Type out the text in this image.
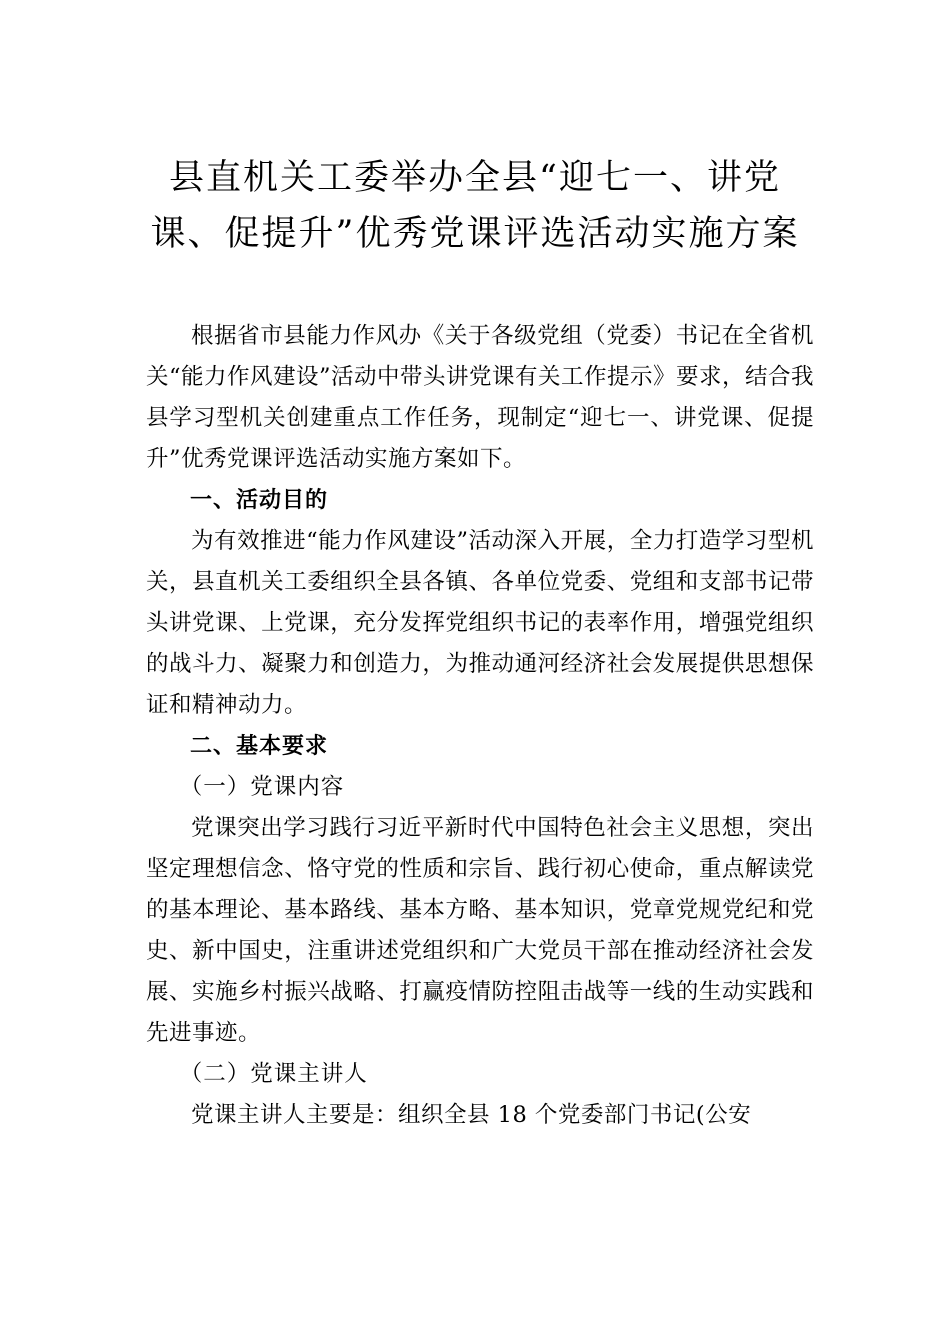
县直机关工委举办全县“迎七一、讲党
课、促提升”优秀党课评选活动实施方案

根据省市县能力作风办《关于各级党组（党委）书记在全省机关“能力作风建设”活动中带头讲党课有关工作提示》要求，结合我县学习型机关创建重点工作任务，现制定“迎七一、讲党课、促提升”优秀党课评选活动实施方案如下。

一、活动目的

为有效推进“能力作风建设”活动深入开展，全力打造学习型机关，县直机关工委组织全县各镇、各单位党委、党组和支部书记带头讲党课、上党课，充分发挥党组织书记的表率作用，增强党组织的战斗力、凝聚力和创造力，为推动通河经济社会发展提供思想保证和精神动力。

二、基本要求

（一）党课内容

党课突出学习践行习近平新时代中国特色社会主义思想，突出坚定理想信念、恪守党的性质和宗旨、践行初心使命，重点解读党的基本理论、基本路线、基本方略、基本知识，党章党规党纪和党史、新中国史，注重讲述党组织和广大党员干部在推动经济社会发展、实施乡村振兴战略、打赢疫情防控阻击战等一线的生动实践和先进事迹。

（二）党课主讲人

党课主讲人主要是：组织全县 18 个党委部门书记(公安
